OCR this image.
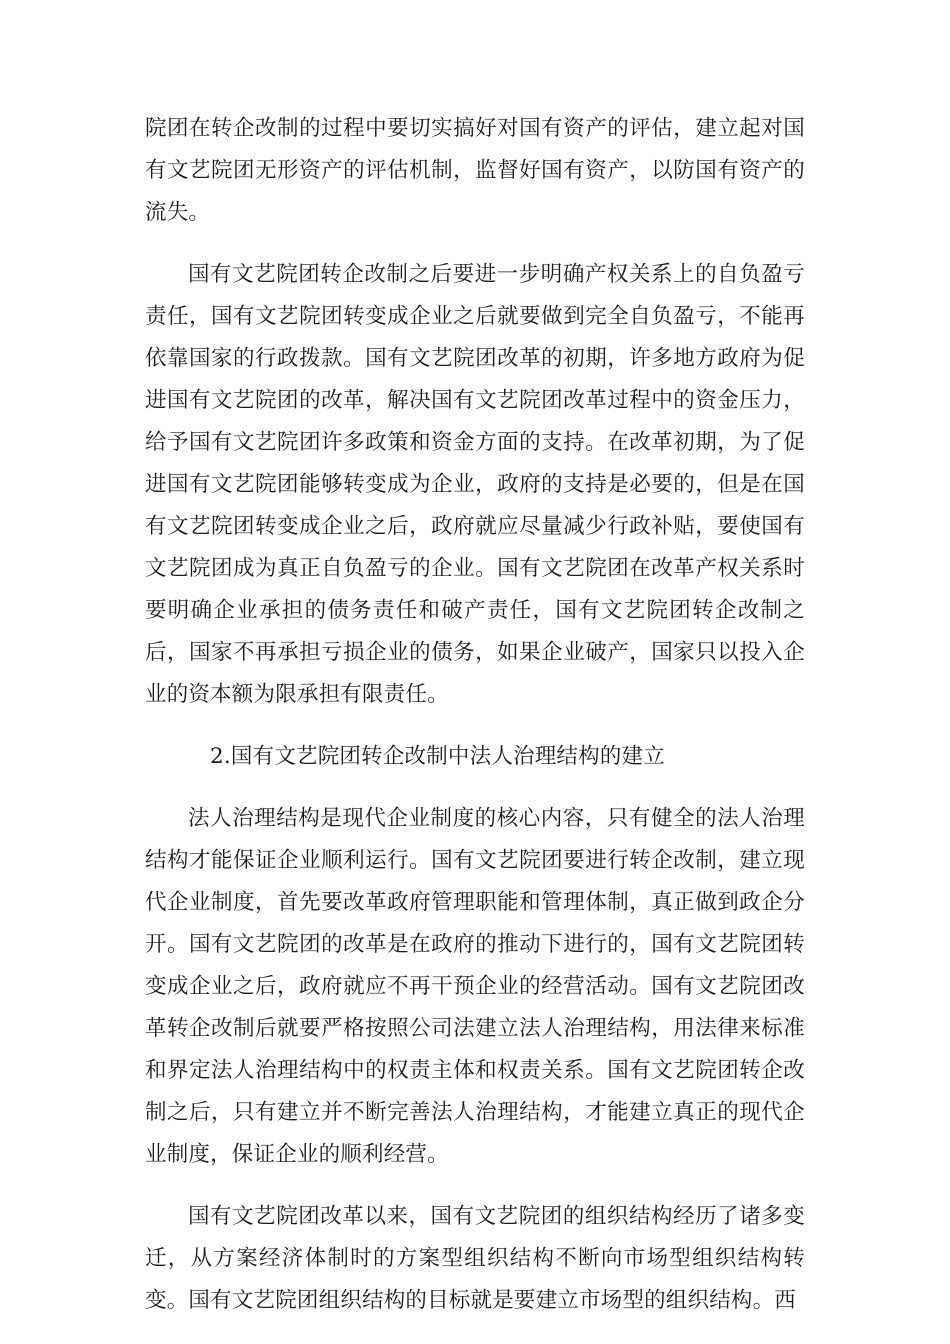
院团在转企改制的过程中要切实搞好对国有资产的评估，建立起对国有文艺院团无形资产的评估机制，监督好国有资产，以防国有资产的流失。

国有文艺院团转企改制之后要进一步明确产权关系上的自负盈亏责任，国有文艺院团转变成企业之后就要做到完全自负盈亏，不能再依靠国家的行政拨款。国有文艺院团改革的初期，许多地方政府为促进国有文艺院团的改革，解决国有文艺院团改革过程中的资金压力，给予国有文艺院团许多政策和资金方面的支持。在改革初期，为了促进国有文艺院团能够转变成为企业，政府的支持是必要的，但是在国有文艺院团转变成企业之后，政府就应尽量减少行政补贴，要使国有文艺院团成为真正自负盈亏的企业。国有文艺院团在改革产权关系时要明确企业承担的债务责任和破产责任，国有文艺院团转企改制之后，国家不再承担亏损企业的债务，如果企业破产，国家只以投入企业的资本额为限承担有限责任。

2.国有文艺院团转企改制中法人治理结构的建立

法人治理结构是现代企业制度的核心内容，只有健全的法人治理结构才能保证企业顺利运行。国有文艺院团要进行转企改制，建立现代企业制度，首先要改革政府管理职能和管理体制，真正做到政企分开。国有文艺院团的改革是在政府的推动下进行的，国有文艺院团转变成企业之后，政府就应不再干预企业的经营活动。国有文艺院团改革转企改制后就要严格按照公司法建立法人治理结构，用法律来标准和界定法人治理结构中的权责主体和权责关系。国有文艺院团转企改制之后，只有建立并不断完善法人治理结构，才能建立真正的现代企业制度，保证企业的顺利经营。

国有文艺院团改革以来，国有文艺院团的组织结构经历了诸多变迁，从方案经济体制时的方案型组织结构不断向市场型组织结构转变。国有文艺院团组织结构的目标就是要建立市场型的组织结构。西
